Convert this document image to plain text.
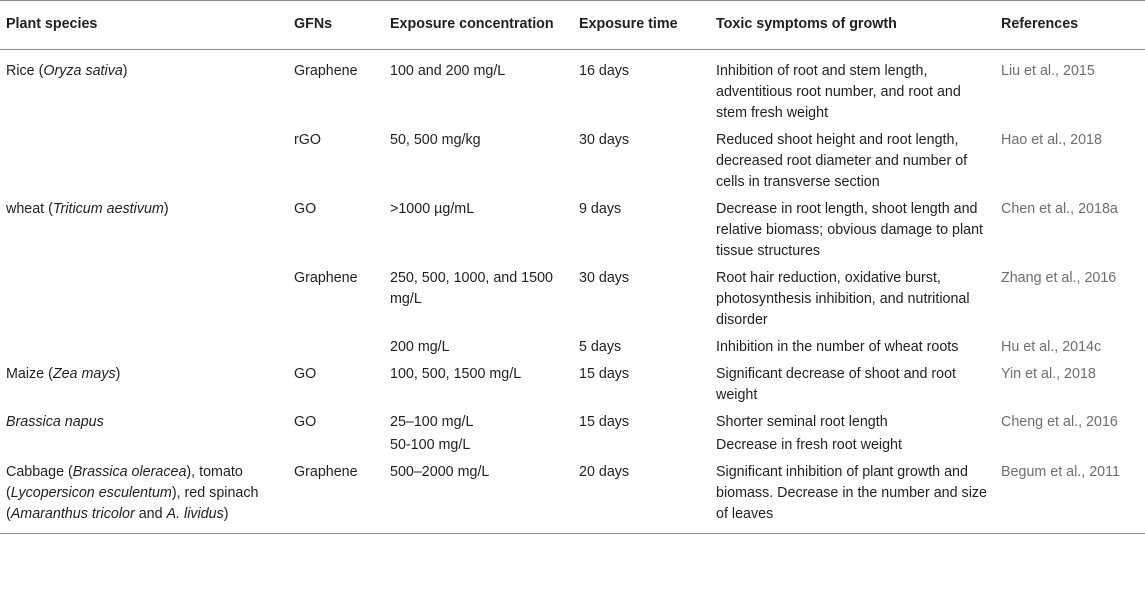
Plant species	GFNs	Exposure concentration	Exposure time	Toxic symptoms of growth	References
Rice (Oryza sativa)	Graphene	100 and 200 mg/L	16 days	Inhibition of root and stem length, adventitious root number, and root and stem fresh weight	Liu et al., 2015
	rGO	50, 500 mg/kg	30 days	Reduced shoot height and root length, decreased root diameter and number of cells in transverse section	Hao et al., 2018
wheat (Triticum aestivum)	GO	>1000 µg/mL	9 days	Decrease in root length, shoot length and relative biomass; obvious damage to plant tissue structures	Chen et al., 2018a
	Graphene	250, 500, 1000, and 1500 mg/L	30 days	Root hair reduction, oxidative burst, photosynthesis inhibition, and nutritional disorder	Zhang et al., 2016
		200 mg/L	5 days	Inhibition in the number of wheat roots	Hu et al., 2014c
Maize (Zea mays)	GO	100, 500, 1500 mg/L	15 days	Significant decrease of shoot and root weight	Yin et al., 2018
Brassica napus	GO	25–100 mg/L	15 days	Shorter seminal root length	Cheng et al., 2016
		50-100 mg/L		Decrease in fresh root weight	
Cabbage (Brassica oleracea), tomato (Lycopersicon esculentum), red spinach (Amaranthus tricolor and A. lividus)	Graphene	500–2000 mg/L	20 days	Significant inhibition of plant growth and biomass. Decrease in the number and size of leaves	Begum et al., 2011
